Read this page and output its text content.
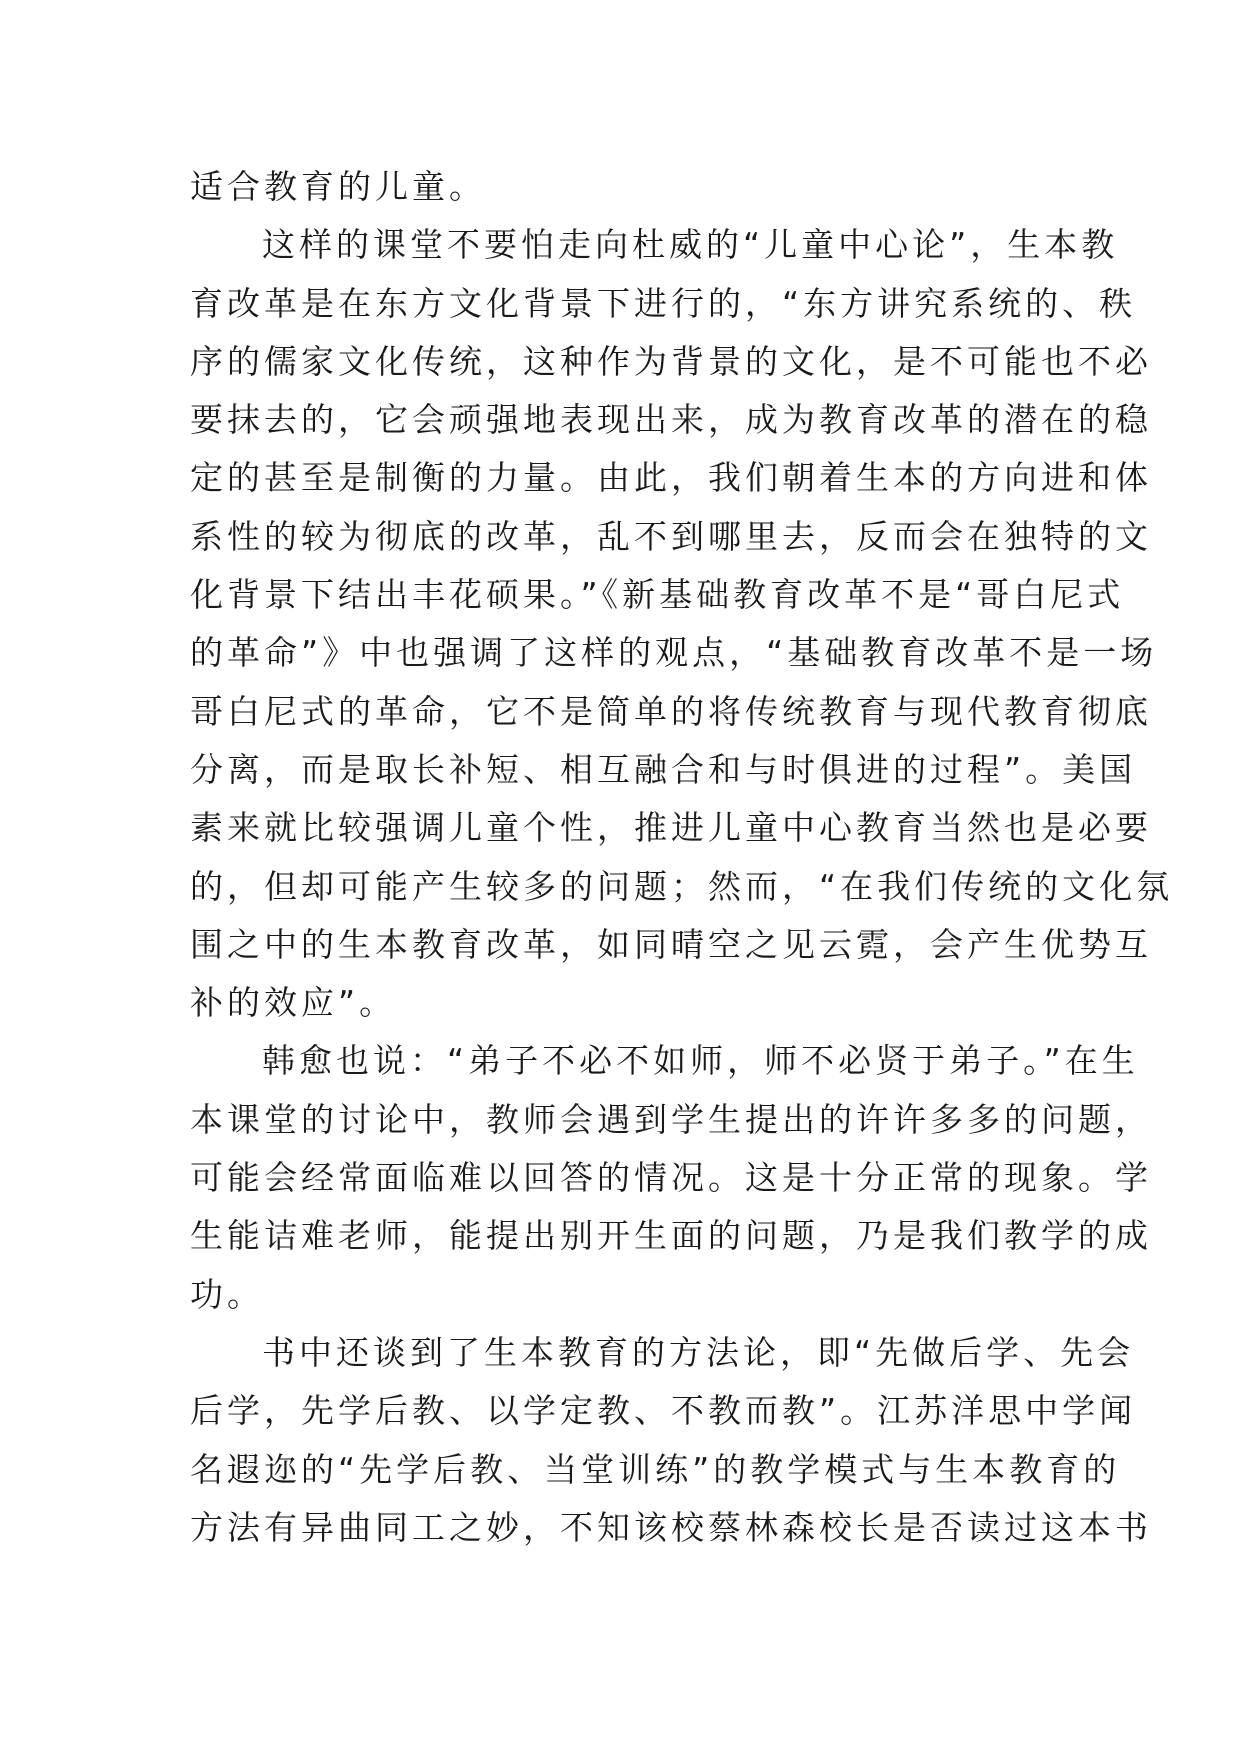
适合教育的儿童。
这样的课堂不要怕走向杜威的“儿童中心论”，生本教
育改革是在东方文化背景下进行的，“东方讲究系统的、秩
序的儒家文化传统，这种作为背景的文化，是不可能也不必
要抹去的，它会顽强地表现出来，成为教育改革的潜在的稳
定的甚至是制衡的力量。由此，我们朝着生本的方向进和体
系性的较为彻底的改革，乱不到哪里去，反而会在独特的文
化背景下结出丰花硕果。”《新基础教育改革不是“哥白尼式
的革命”》中也强调了这样的观点，“基础教育改革不是一场
哥白尼式的革命，它不是简单的将传统教育与现代教育彻底
分离，而是取长补短、相互融合和与时俱进的过程”。美国
素来就比较强调儿童个性，推进儿童中心教育当然也是必要
的，但却可能产生较多的问题；然而，“在我们传统的文化氛
围之中的生本教育改革，如同晴空之见云霓，会产生优势互
补的效应”。
韩愈也说：“弟子不必不如师，师不必贤于弟子。”在生
本课堂的讨论中，教师会遇到学生提出的许许多多的问题，
可能会经常面临难以回答的情况。这是十分正常的现象。学
生能诘难老师，能提出别开生面的问题，乃是我们教学的成
功。
书中还谈到了生本教育的方法论，即“先做后学、先会
后学，先学后教、以学定教、不教而教”。江苏洋思中学闻
名遐迩的“先学后教、当堂训练”的教学模式与生本教育的
方法有异曲同工之妙，不知该校蔡林森校长是否读过这本书
